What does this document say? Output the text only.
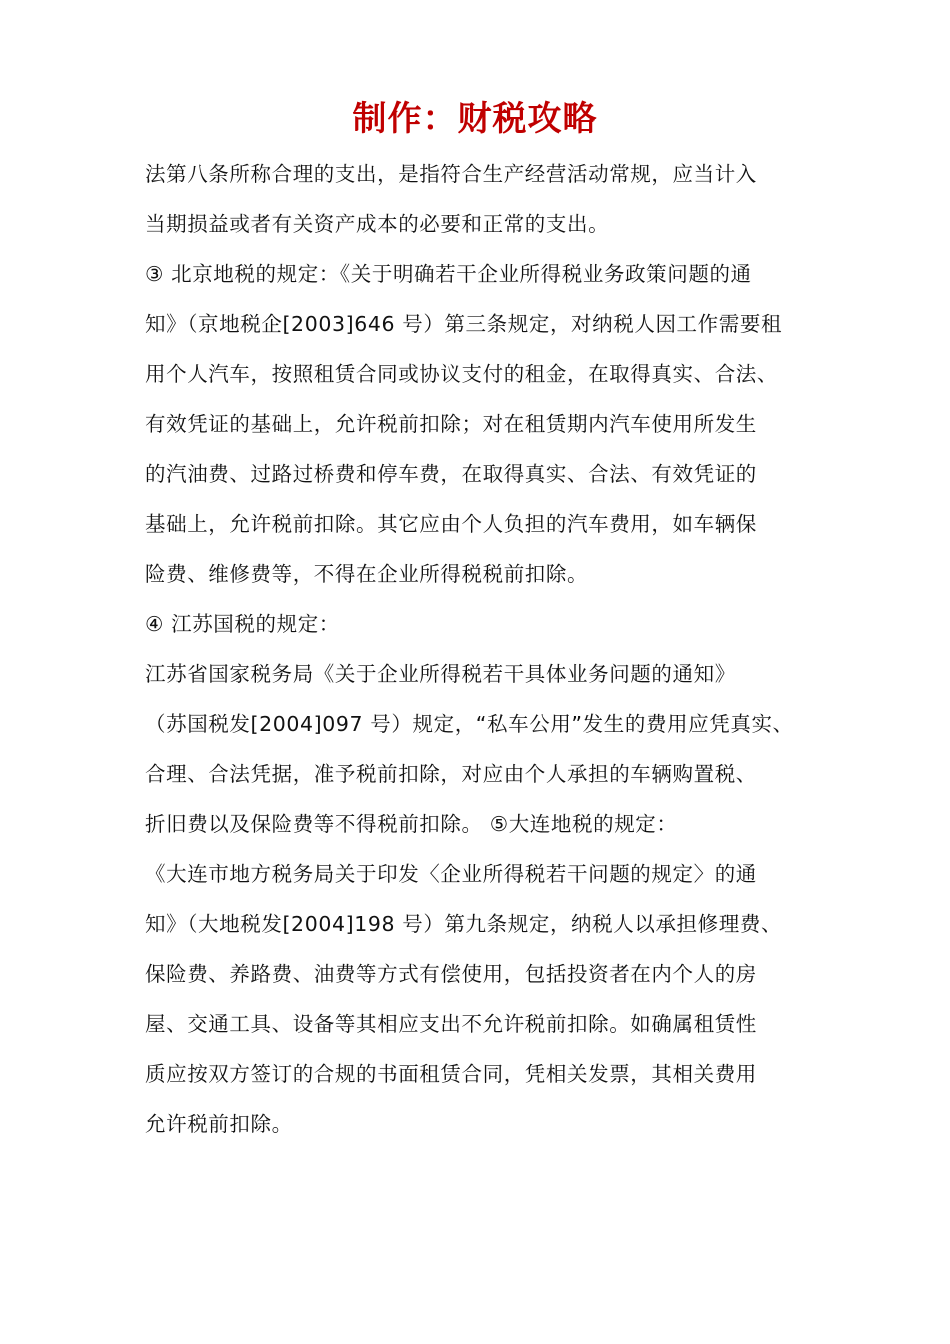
制作：财税攻略
法第八条所称合理的支出，是指符合生产经营活动常规，应当计入
当期损益或者有关资产成本的必要和正常的支出。
③ 北京地税的规定：《关于明确若干企业所得税业务政策问题的通
知》（京地税企[2003]646 号）第三条规定，对纳税人因工作需要租
用个人汽车，按照租赁合同或协议支付的租金，在取得真实、合法、
有效凭证的基础上，允许税前扣除；对在租赁期内汽车使用所发生
的汽油费、过路过桥费和停车费，在取得真实、合法、有效凭证的
基础上，允许税前扣除。其它应由个人负担的汽车费用，如车辆保
险费、维修费等，不得在企业所得税税前扣除。
④ 江苏国税的规定：
江苏省国家税务局《关于企业所得税若干具体业务问题的通知》
（苏国税发[2004]097 号）规定，“私车公用”发生的费用应凭真实、
合理、合法凭据，准予税前扣除，对应由个人承担的车辆购置税、
折旧费以及保险费等不得税前扣除。 ⑤大连地税的规定：
《大连市地方税务局关于印发〈企业所得税若干问题的规定〉的通
知》（大地税发[2004]198 号）第九条规定，纳税人以承担修理费、
保险费、养路费、油费等方式有偿使用，包括投资者在内个人的房
屋、交通工具、设备等其相应支出不允许税前扣除。如确属租赁性
质应按双方签订的合规的书面租赁合同，凭相关发票，其相关费用
允许税前扣除。
